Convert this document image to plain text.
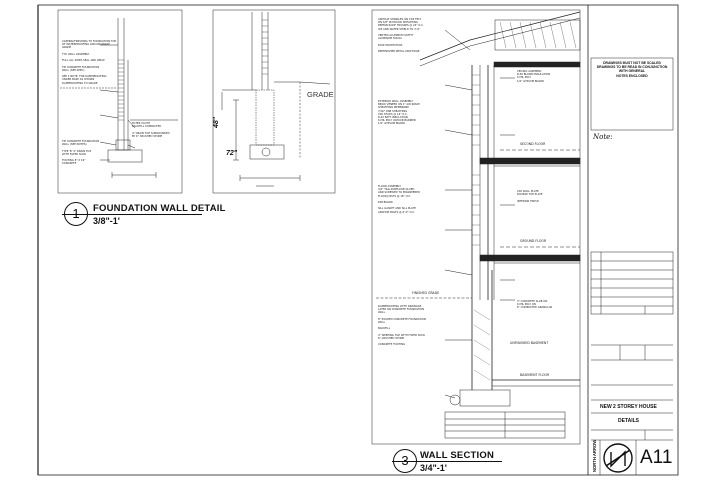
CAPPING/FINISHING TO FOUNDATION TOP
OF WATERPROOFING AND DRAINAGE
GRADE

TYP. WALL ASSEMBLY

FULL ALL SIDES SEAL AND WRAP

TIE CONCRETE FOUNDATION
WALL (SEE SPEC)

SEE 1 NOTE: FOR DAMPPROOFING
UNDER BASE AS SHOWN
DAMPPROOFING TO GRADE
TIE CONCRETE FOUNDATION
WALL (SEE NOTES)

TYPE 'B' 4" DRAIN TILE
WITH FILTER SOCK

FOOTING 8" X 16"
CONCRETE
FILTER CLOTH
BACKFILL COMPACTED

4" DRAIN TILE SURROUNDED
BY 6" CRUSHED STONE
ASPHALT SHINGLES ON 15# FELT
ON 3/8" PLYWOOD SHEATHING
PREFAB ROOF TRUSSES @ 24" O.C.
ICE AND WATER SHIELD TO 3'-0"

VENTED ALUMINUM SOFFIT
ALUMINUM FASCIA

EAVE PROTECTION

PREFINISHED METAL DRIP EDGE
EXTERIOR WALL ASSEMBLY
BRICK VENEER ON 1" AIR SPACE
SHEATHING MEMBRANE
7/16" OSB SHEATHING
2X6 STUDS @ 16" O.C.
R-22 BATT INSULATION
6 MIL POLY VAPOUR BARRIER
1/2" GYPSUM BOARD
FLOOR ASSEMBLY
3/4" T&G SUBFLOOR GLUED
AND SCREWED TO ENGINEERED
FLOOR JOISTS @ 16" O.C.

RIM BOARD

SILL GASKET AND SILL PLATE
ANCHOR BOLTS @ 6'-0" O.C.
DAMPPROOFING WITH DRAINAGE
LAYER ON CONCRETE FOUNDATION
WALL

8" POURED CONCRETE FOUNDATION
WALL

BACKFILL

4" WEEPING TILE WITH FILTER SOCK
6" CRUSHED STONE

CONCRETE FOOTING
CEILING ASSEMBLY
R-50 BLOWN INSULATION
6 MIL POLY
1/2" GYPSUM BOARD
2X6 WALL PLATE
DOUBLE TOP PLATE

INTERIOR FINISH
3" CONCRETE SLAB ON
6 MIL POLY ON
6" COMPACTED GRANULAR
SECOND FLOOR
GROUND FLOOR
FINISHED GRADE
UNFINISHED BASEMENT
BASEMENT FLOOR
GRADE
48"
72"
1	FOUNDATION WALL DETAIL
3/8"-1'
3	WALL SECTION
3/4"-1'
DRAWINGS MUST NOT BE SCALED
DRAWINGS TO BE READ IN CONJUNCTION WITH GENERAL
NOTES ENCLOSED
Note:
NEW 2 STOREY HOUSE
DETAILS
NORTH ARROW A11
